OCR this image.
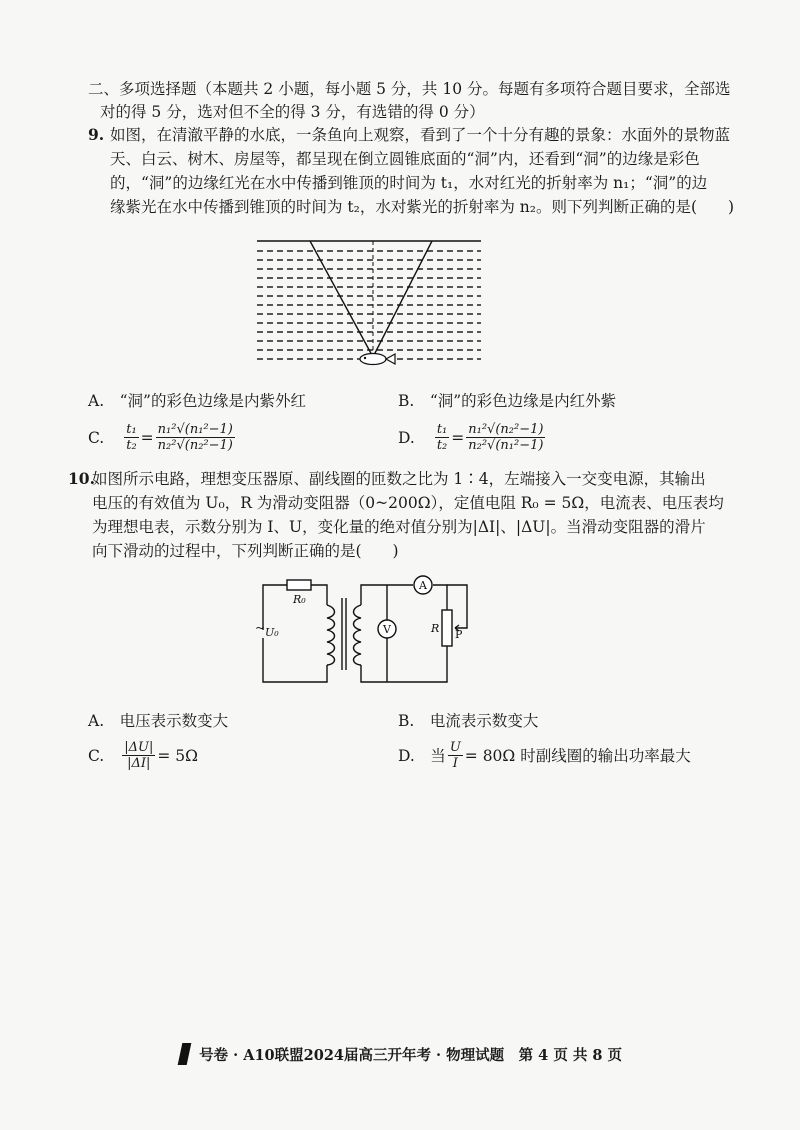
二、多项选择题（本题共 2 小题，每小题 5 分，共 10 分。每题有多项符合题目要求，全部选
对的得 5 分，选对但不全的得 3 分，有选错的得 0 分）
9. 如图，在清澈平静的水底，一条鱼向上观察，看到了一个十分有趣的景象：水面外的景物蓝
天、白云、树木、房屋等，都呈现在倒立圆锥底面的“洞”内，还看到“洞”的边缘是彩色
的，“洞”的边缘红光在水中传播到锥顶的时间为 t₁，水对红光的折射率为 n₁；“洞”的边
缘紫光在水中传播到锥顶的时间为 t₂，水对紫光的折射率为 n₂。则下列判断正确的是(　　)
A.　“洞”的彩色边缘是内紫外红	B.　“洞”的彩色边缘是内红外紫
C. $\frac{\text{t₁}}{\text{t₂}} = \frac{\text{n₁²√(n₁²−1)}}{\text{n₂²√(n₂²−1)}}$	D. $\frac{\text{t₁}}{\text{t₂}} = \frac{\text{n₁²√(n₂²−1)}}{\text{n₂²√(n₁²−1)}}$
10.
如图所示电路，理想变压器原、副线圈的匝数之比为 1∶4，左端接入一交变电源，其输出
电压的有效值为 U₀，R 为滑动变阻器（0~200Ω），定值电阻 R₀ = 5Ω，电流表、电压表均
为理想电表，示数分别为 I、U，变化量的绝对值分别为|ΔI|、|ΔU|。当滑动变阻器的滑片
向下滑动的过程中，下列判断正确的是(　　)
R₀
~ U₀
A
V	R P
A.　电压表示数变大	B.　电流表示数变大
C. $\frac{|\Delta U|}{|\Delta I|} = 5\Omega$	D.　当 $\frac{U}{I} = 80\Omega$ 时副线圈的输出功率最大
号卷 · A10联盟2024届高三开年考 · 物理试题　第 4 页 共 8 页
